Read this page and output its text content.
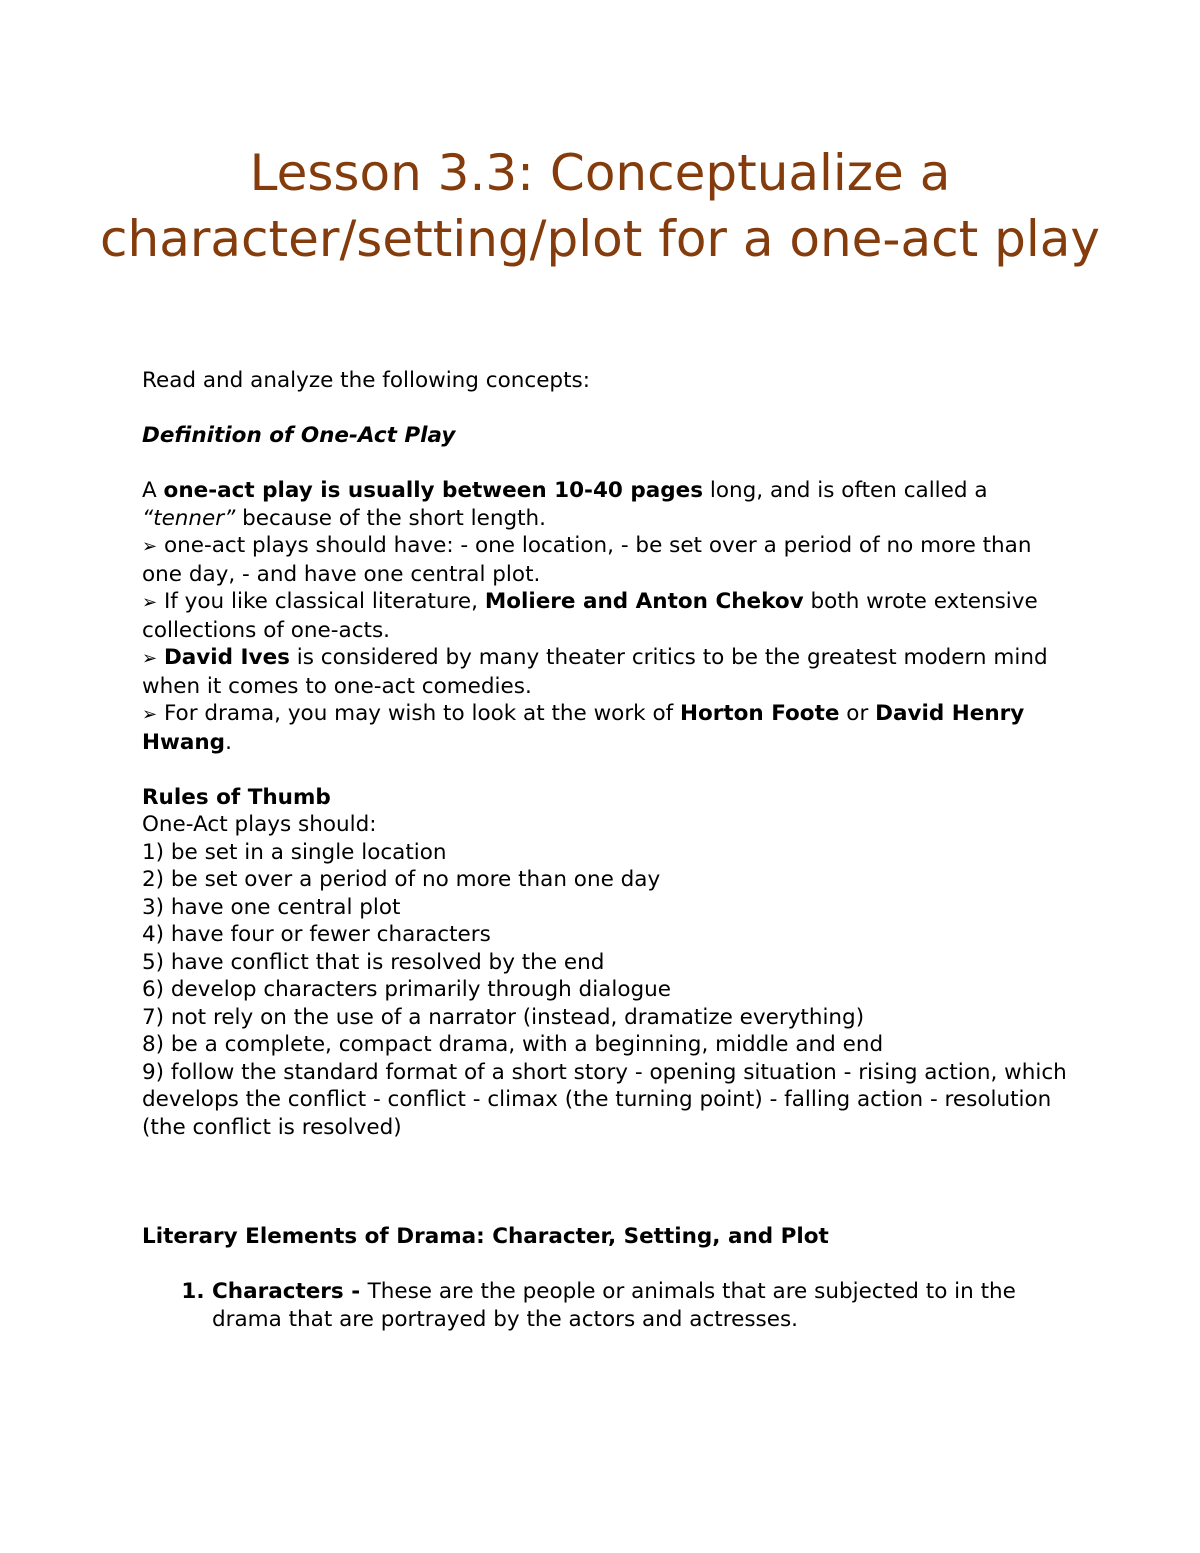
Lesson 3.3: Conceptualize a character/setting/plot for a one-act play

Read and analyze the following concepts:

Definition of One-Act Play

A one-act play is usually between 10-40 pages long, and is often called a

“tenner” because of the short length.

➢ one-act plays should have: - one location, - be set over a period of no more than one day, - and have one central plot.

➢ If you like classical literature, Moliere and Anton Chekov both wrote extensive collections of one-acts.

➢ David Ives is considered by many theater critics to be the greatest modern mind when it comes to one-act comedies.

➢ For drama, you may wish to look at the work of Horton Foote or David Henry Hwang.

Rules of Thumb

One-Act plays should:

1) be set in a single location

2) be set over a period of no more than one day

3) have one central plot

4) have four or fewer characters

5) have conflict that is resolved by the end

6) develop characters primarily through dialogue

7) not rely on the use of a narrator (instead, dramatize everything)

8) be a complete, compact drama, with a beginning, middle and end

9) follow the standard format of a short story - opening situation - rising action, which develops the conflict - conflict - climax (the turning point) - falling action - resolution (the conflict is resolved)

Literary Elements of Drama: Character, Setting, and Plot

1. Characters - These are the people or animals that are subjected to in the drama that are portrayed by the actors and actresses.
